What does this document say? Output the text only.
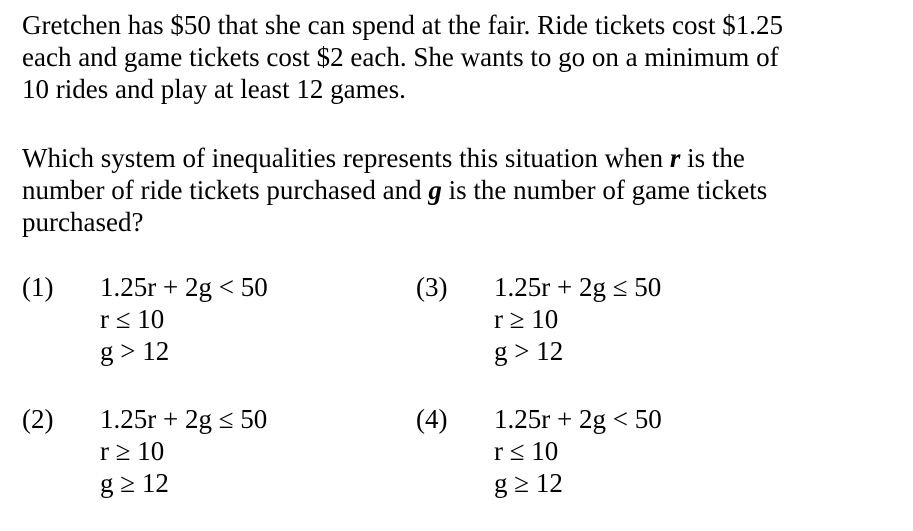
Gretchen has $50 that she can spend at the fair. Ride tickets cost $1.25
each and game tickets cost $2 each. She wants to go on a minimum of
10 rides and play at least 12 games.

Which system of inequalities represents this situation when r is the
number of ride tickets purchased and g is the number of game tickets
purchased?

(1) 1.25r + 2g < 50
r ≤ 10
g > 12
(3) 1.25r + 2g ≤ 50
r ≥ 10
g > 12
(2) 1.25r + 2g ≤ 50
r ≥ 10
g ≥ 12
(4) 1.25r + 2g < 50
r ≤ 10
g ≥ 12
